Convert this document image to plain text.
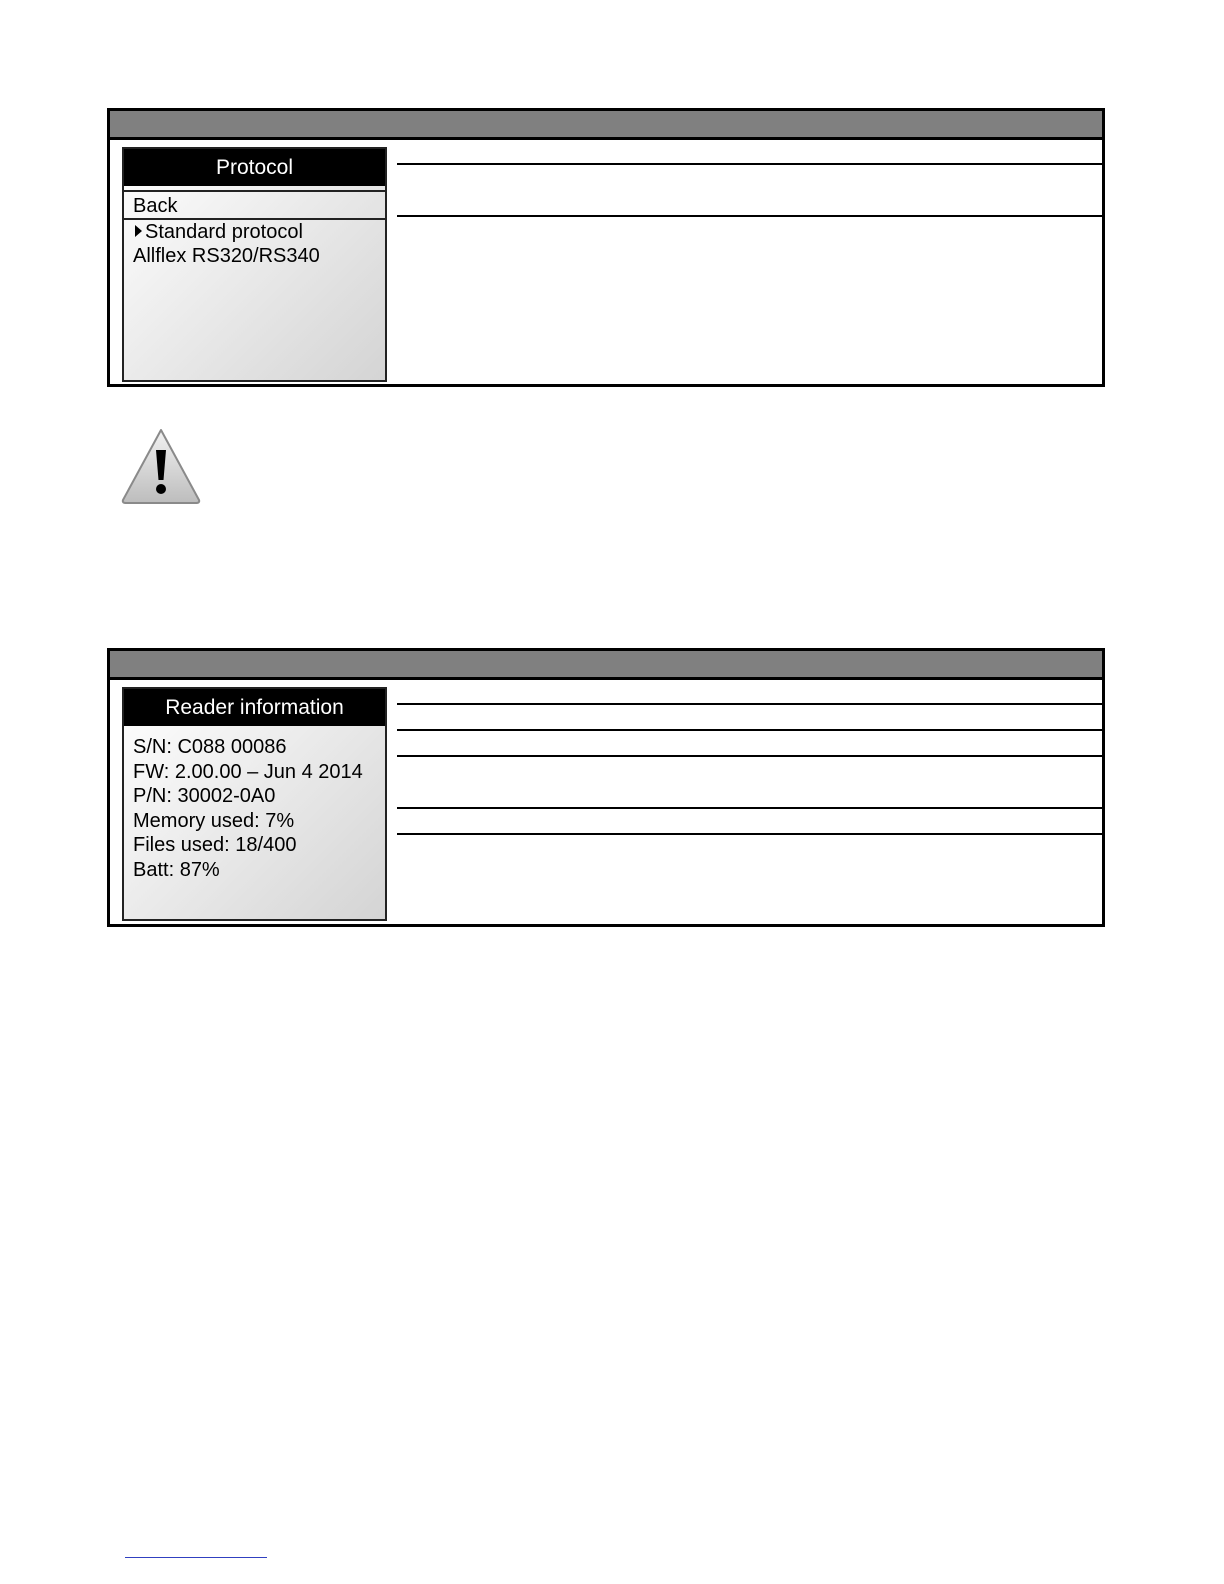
Protocol
Back
Standard protocol
Allflex RS320/RS340
Reader information
S/N: C088 00086
FW: 2.00.00 – Jun 4 2014
P/N: 30002-0A0
Memory used: 7%
Files used: 18/400
Batt: 87%
